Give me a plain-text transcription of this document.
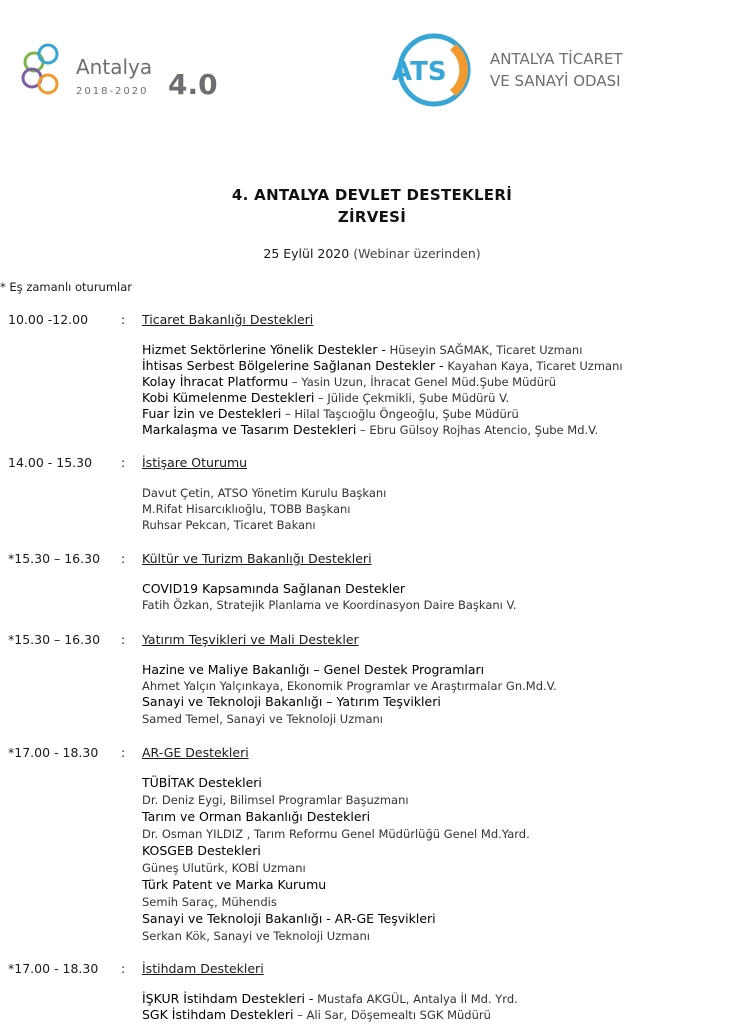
Antalya
2018-2020 4.0	ATS	ANTALYA TİCARET
VE SANAYİ ODASI
4. ANTALYA DEVLET DESTEKLERİ
ZİRVESİ
25 Eylül 2020 (Webinar üzerinden)
* Eş zamanlı oturumlar
10.00 -12.00	: Ticaret Bakanlığı Destekleri
Hizmet Sektörlerine Yönelik Destekler - Hüseyin SAĞMAK, Ticaret Uzmanı
İhtisas Serbest Bölgelerine Sağlanan Destekler - Kayahan Kaya, Ticaret Uzmanı
Kolay İhracat Platformu – Yasin Uzun, İhracat Genel Müd.Şube Müdürü
Kobi Kümelenme Destekleri – Jülide Çekmikli, Şube Müdürü V.
Fuar İzin ve Destekleri – Hilal Taşcıoğlu Öngeoğlu, Şube Müdürü
Markalaşma ve Tasarım Destekleri – Ebru Gülsoy Rojhas Atencio, Şube Md.V.
14.00 - 15.30 : İstişare Oturumu
Davut Çetin, ATSO Yönetim Kurulu Başkanı
M.Rifat Hisarcıklıoğlu, TOBB Başkanı
Ruhsar Pekcan, Ticaret Bakanı
*15.30 – 16.30 : Kültür ve Turizm Bakanlığı Destekleri
COVID19 Kapsamında Sağlanan Destekler
Fatih Özkan, Stratejik Planlama ve Koordinasyon Daire Başkanı V.
*15.30 – 16.30 : Yatırım Teşvikleri ve Mali Destekler
Hazine ve Maliye Bakanlığı – Genel Destek Programları
Ahmet Yalçın Yalçınkaya, Ekonomik Programlar ve Araştırmalar Gn.Md.V.
Sanayi ve Teknoloji Bakanlığı – Yatırım Teşvikleri
Samed Temel, Sanayi ve Teknoloji Uzmanı
*17.00 - 18.30 : AR-GE Destekleri
TÜBİTAK Destekleri
Dr. Deniz Eygi, Bilimsel Programlar Başuzmanı
Tarım ve Orman Bakanlığı Destekleri
Dr. Osman YILDIZ , Tarım Reformu Genel Müdürlüğü Genel Md.Yard.
KOSGEB Destekleri
Güneş Ulutürk, KOBİ Uzmanı
Türk Patent ve Marka Kurumu
Semih Saraç, Mühendis
Sanayi ve Teknoloji Bakanlığı - AR-GE Teşvikleri
Serkan Kök, Sanayi ve Teknoloji Uzmanı
*17.00 - 18.30 : İstihdam Destekleri
İŞKUR İstihdam Destekleri - Mustafa AKGÜL, Antalya İl Md. Yrd.
SGK İstihdam Destekleri – Ali Sar, Döşemealtı SGK Müdürü
